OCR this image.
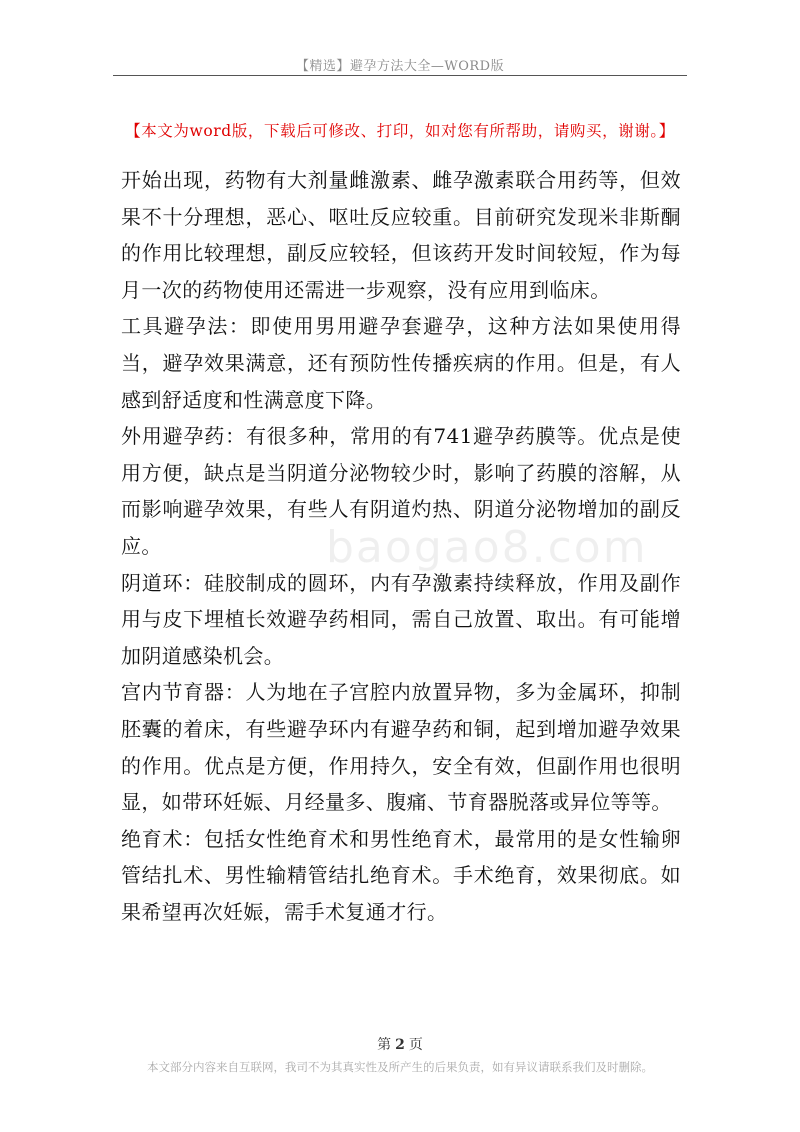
【精选】避孕方法大全—WORD版
【本文为word版，下载后可修改、打印，如对您有所帮助，请购买，谢谢。】

开始出现，药物有大剂量雌激素、雌孕激素联合用药等，但效果不十分理想，恶心、呕吐反应较重。目前研究发现米非斯酮的作用比较理想，副反应较轻，但该药开发时间较短，作为每月一次的药物使用还需进一步观察，没有应用到临床。

工具避孕法：即使用男用避孕套避孕，这种方法如果使用得当，避孕效果满意，还有预防性传播疾病的作用。但是，有人感到舒适度和性满意度下降。

外用避孕药：有很多种，常用的有741避孕药膜等。优点是使用方便，缺点是当阴道分泌物较少时，影响了药膜的溶解，从而影响避孕效果，有些人有阴道灼热、阴道分泌物增加的副反应。

阴道环：硅胶制成的圆环，内有孕激素持续释放，作用及副作用与皮下埋植长效避孕药相同，需自己放置、取出。有可能增加阴道感染机会。

宫内节育器：人为地在子宫腔内放置异物，多为金属环，抑制胚囊的着床，有些避孕环内有避孕药和铜，起到增加避孕效果的作用。优点是方便，作用持久，安全有效，但副作用也很明显，如带环妊娠、月经量多、腹痛、节育器脱落或异位等等。

绝育术：包括女性绝育术和男性绝育术，最常用的是女性输卵管结扎术、男性输精管结扎绝育术。手术绝育，效果彻底。如果希望再次妊娠，需手术复通才行。

baogao8.com
第 2 页
本文部分内容来自互联网，我司不为其真实性及所产生的后果负责，如有异议请联系我们及时删除。
